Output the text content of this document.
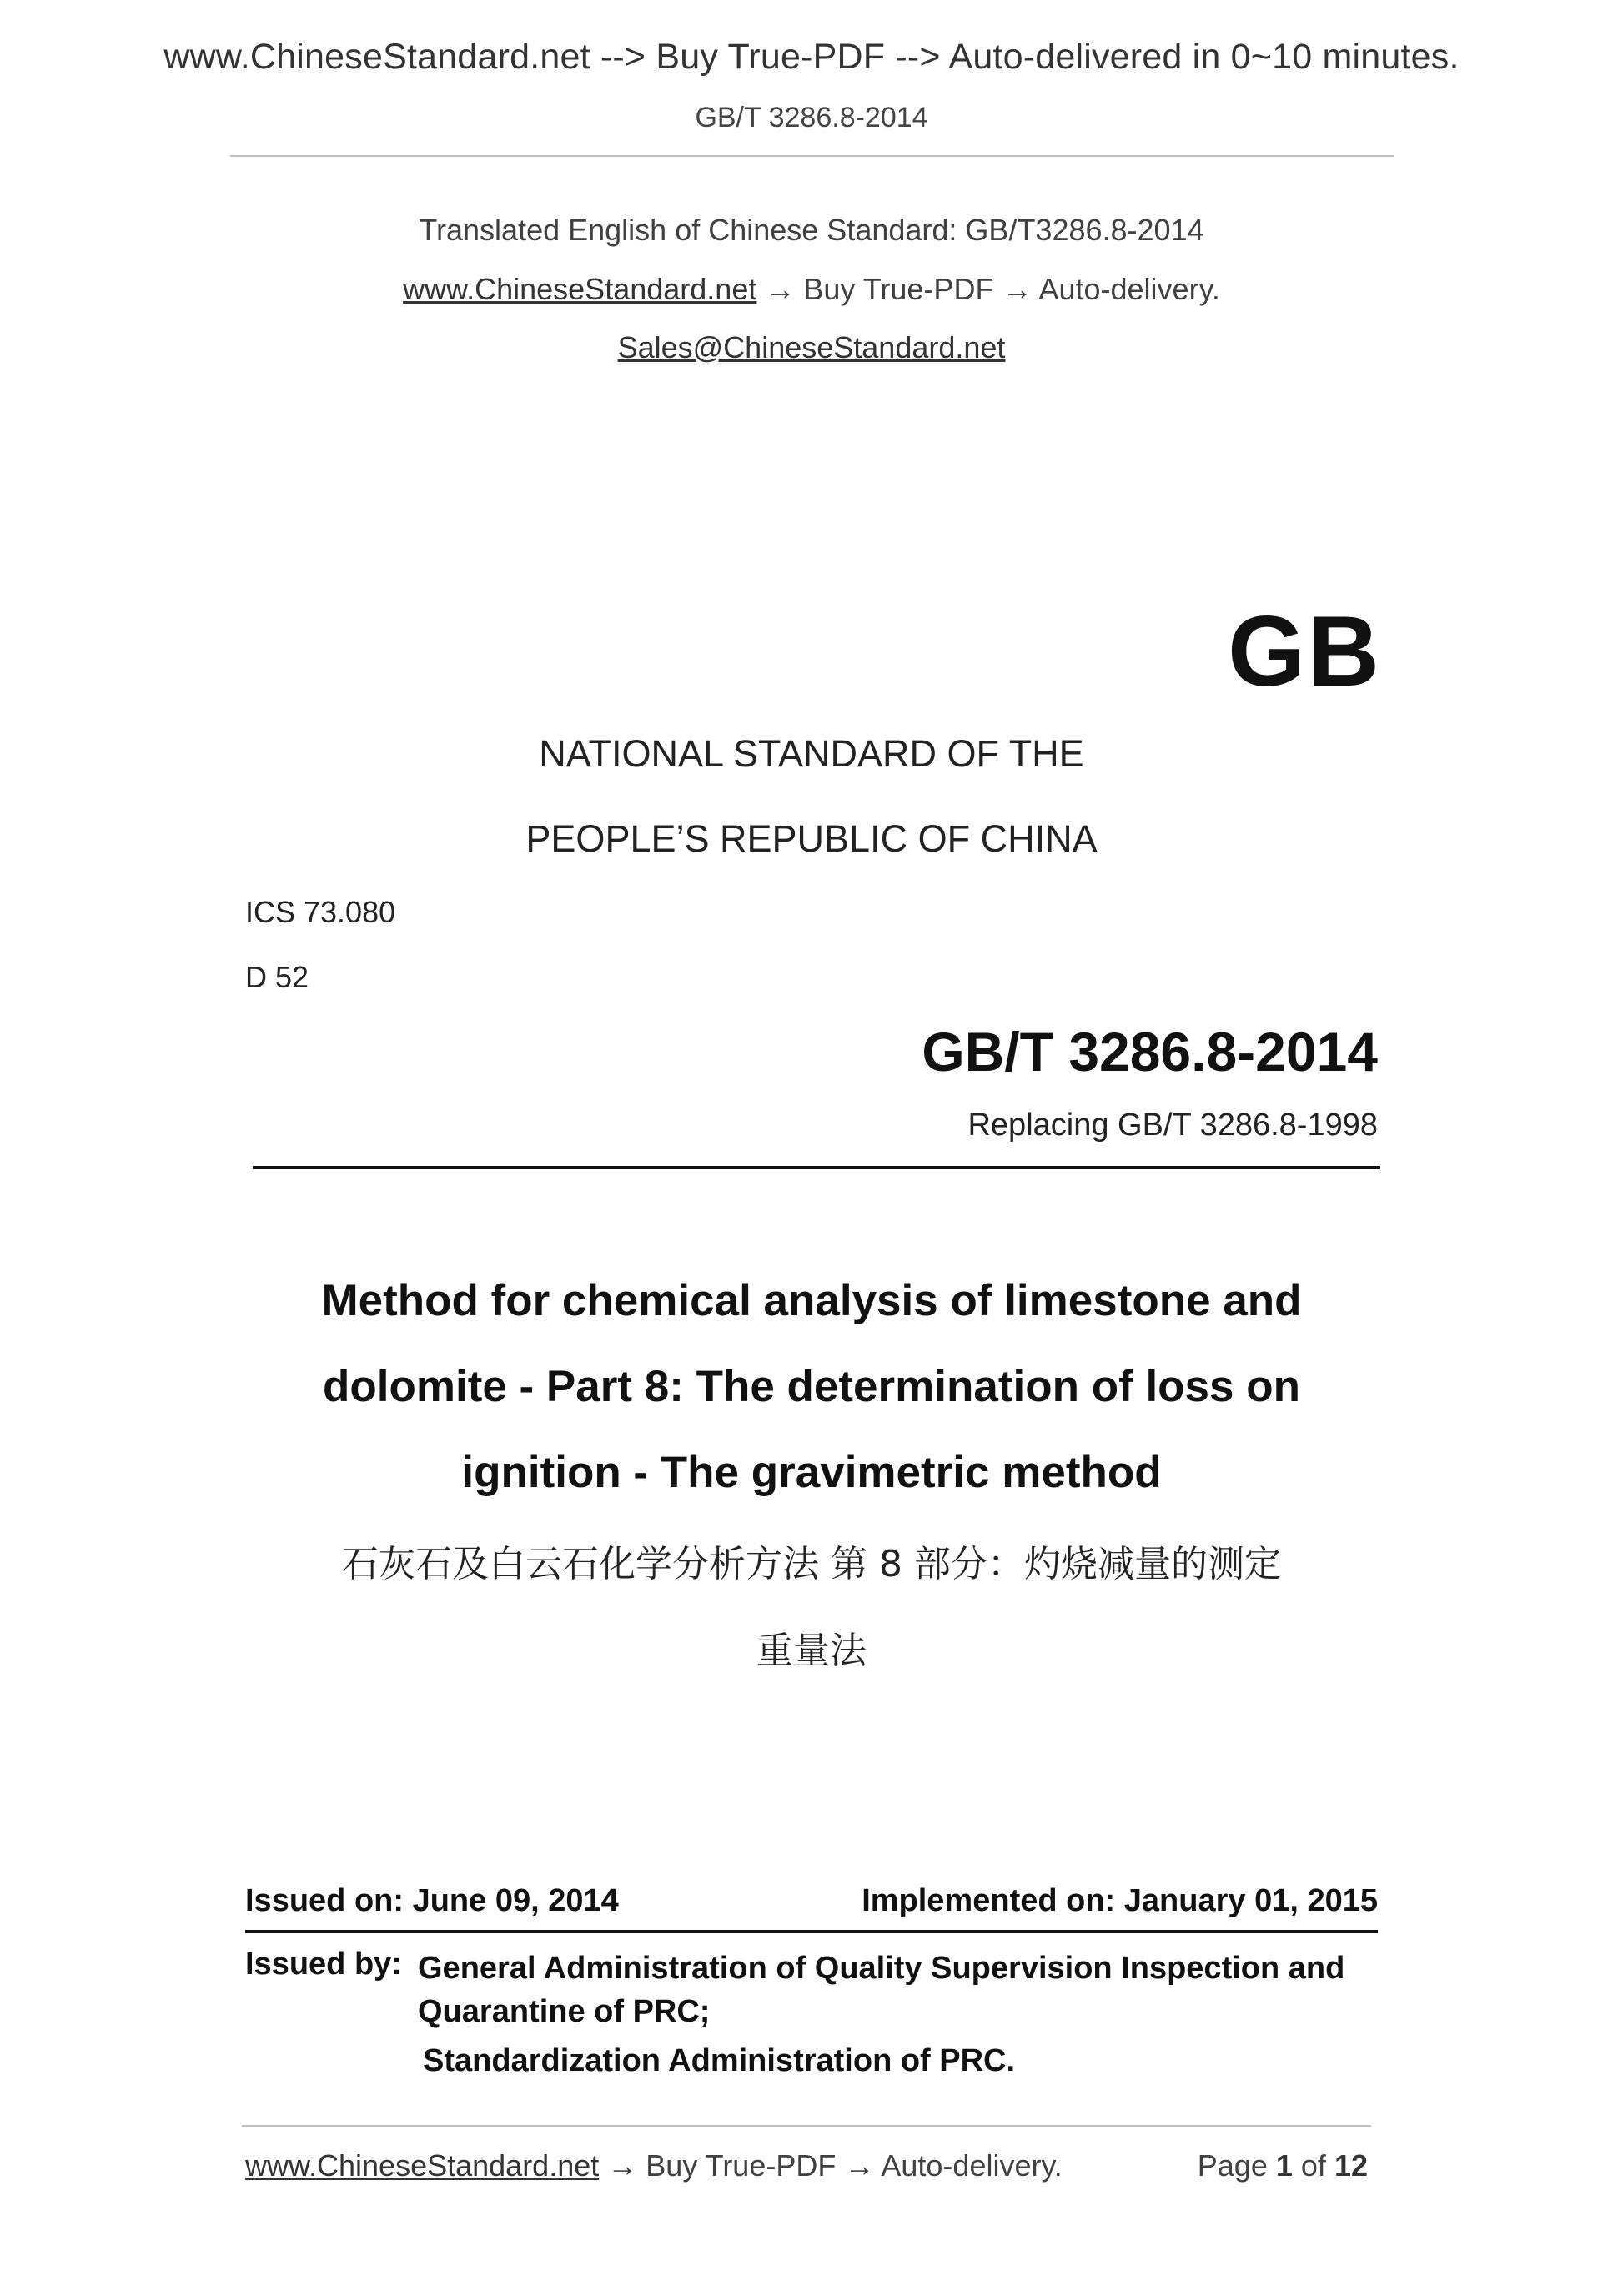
www.ChineseStandard.net --> Buy True-PDF --> Auto-delivered in 0~10 minutes.
GB/T 3286.8-2014
Translated English of Chinese Standard: GB/T3286.8-2014
www.ChineseStandard.net → Buy True-PDF → Auto-delivery.
Sales@ChineseStandard.net
GB
NATIONAL STANDARD OF THE
PEOPLE’S REPUBLIC OF CHINA
ICS 73.080
D 52
GB/T 3286.8-2014
Replacing GB/T 3286.8-1998
Method for chemical analysis of limestone and
dolomite - Part 8: The determination of loss on
ignition - The gravimetric method
石灰石及白云石化学分析方法 第 8 部分：灼烧减量的测定
重量法
Issued on: June 09, 2014	Implemented on: January 01, 2015
Issued by: General Administration of Quality Supervision Inspection and Quarantine of PRC;
Standardization Administration of PRC.
www.ChineseStandard.net → Buy True-PDF → Auto-delivery.	Page 1 of 12
